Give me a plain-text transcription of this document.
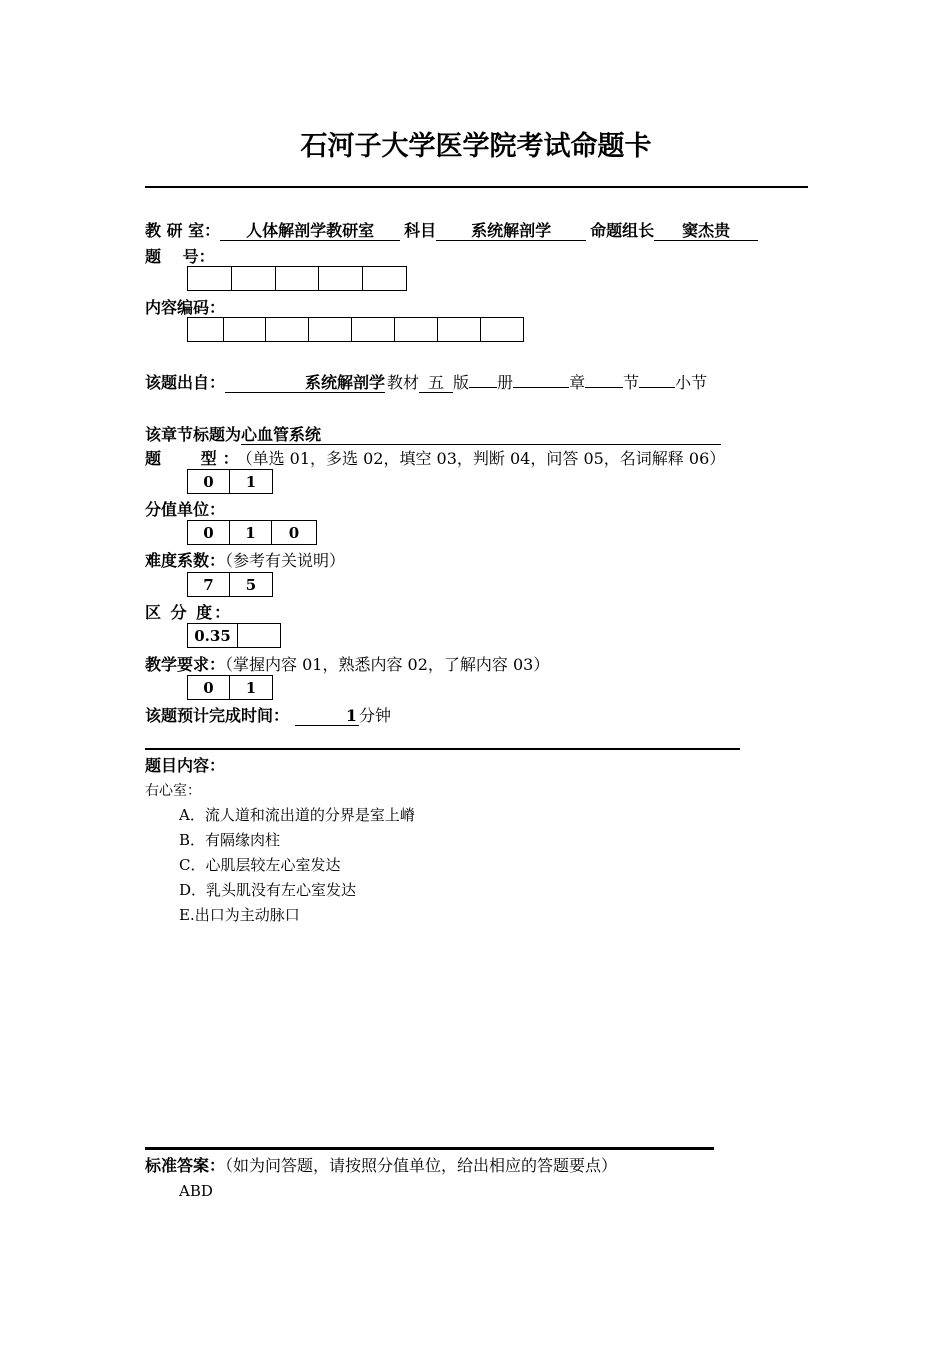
石河子大学医学院考试命题卡
教 研 室： 人体解剖学教研室 科目 系统解剖学 命题组长 窦杰贵
题　 号：
内容编码：
该题出自：	系统解剖学 教材 五 版 册	章 节 小节
该章节标题为心血管系统
题　 型：（单选 01，多选 02，填空 03，判断 04，问答 05，名词解释 06）
0	1
分值单位：
0	1	0
难度系数：（参考有关说明）
7	5
区 分 度：
0.35
教学要求：（掌握内容 01，熟悉内容 02，了解内容 03）
0	1
该题预计完成时间：	1 分钟
题目内容：
右心室：
A．流人道和流出道的分界是室上嵴
B．有隔缘肉柱
C．心肌层较左心室发达
D．乳头肌没有左心室发达
E.出口为主动脉口
标准答案：（如为问答题，请按照分值单位，给出相应的答题要点）
ABD
